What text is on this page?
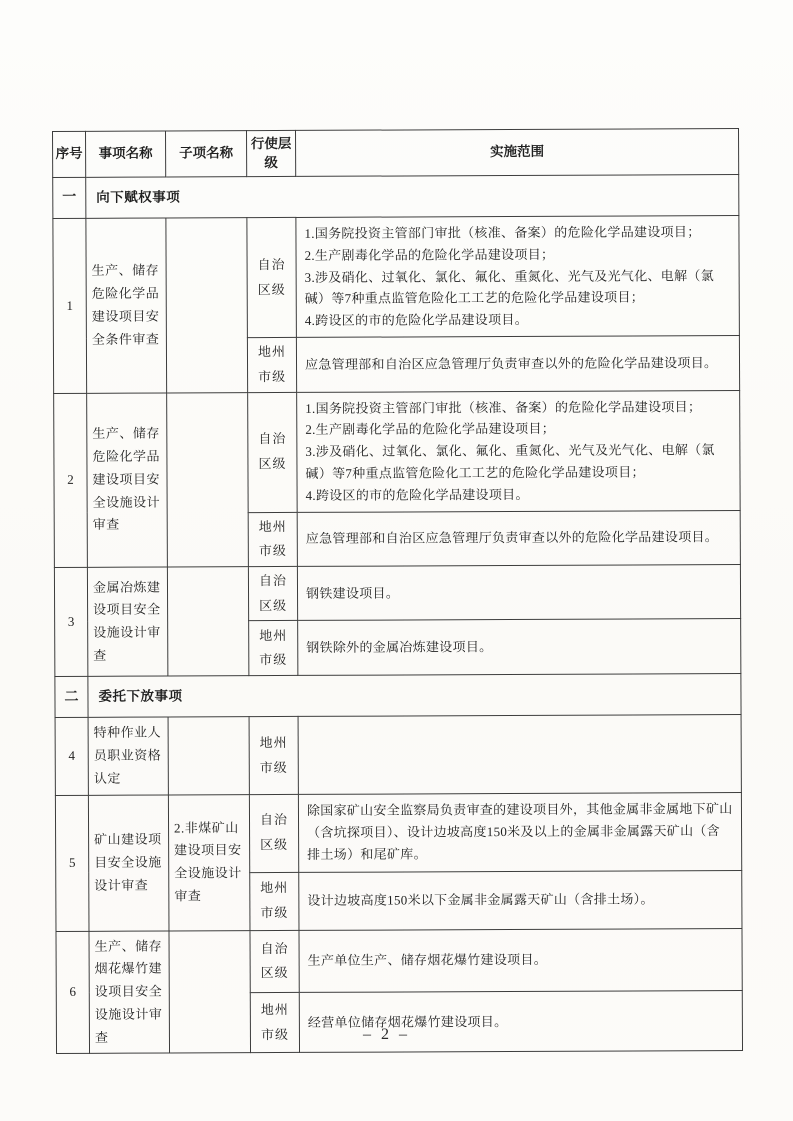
序号	事项名称	子项名称	行使层级	实施范围
一	向下赋权事项			
1	生产、储存危险化学品建设项目安全条件审查		自治区级	1.国务院投资主管部门审批（核准、备案）的危险化学品建设项目；
2.生产剧毒化学品的危险化学品建设项目；
3.涉及硝化、过氧化、氯化、氟化、重氮化、光气及光气化、电解（氯碱）等7种重点监管危险化工工艺的危险化学品建设项目；
4.跨设区的市的危险化学品建设项目。
			地州市级	应急管理部和自治区应急管理厅负责审查以外的危险化学品建设项目。
2	生产、储存危险化学品建设项目安全设施设计审查		自治区级	1.国务院投资主管部门审批（核准、备案）的危险化学品建设项目；
2.生产剧毒化学品的危险化学品建设项目；
3.涉及硝化、过氧化、氯化、氟化、重氮化、光气及光气化、电解（氯碱）等7种重点监管危险化工工艺的危险化学品建设项目；
4.跨设区的市的危险化学品建设项目。
			地州市级	应急管理部和自治区应急管理厅负责审查以外的危险化学品建设项目。
3	金属冶炼建设项目安全设施设计审查		自治区级	钢铁建设项目。
			地州市级	钢铁除外的金属冶炼建设项目。
二	委托下放事项			
4	特种作业人员职业资格认定		地州市级	
5	矿山建设项目安全设施设计审查	2.非煤矿山建设项目安全设施设计审查	自治区级	除国家矿山安全监察局负责审查的建设项目外，其他金属非金属地下矿山（含坑探项目）、设计边坡高度150米及以上的金属非金属露天矿山（含排土场）和尾矿库。
			地州市级	设计边坡高度150米以下金属非金属露天矿山（含排土场）。
6	生产、储存烟花爆竹建设项目安全设施设计审查		自治区级	生产单位生产、储存烟花爆竹建设项目。
			地州市级	经营单位储存烟花爆竹建设项目。
– 2 –
